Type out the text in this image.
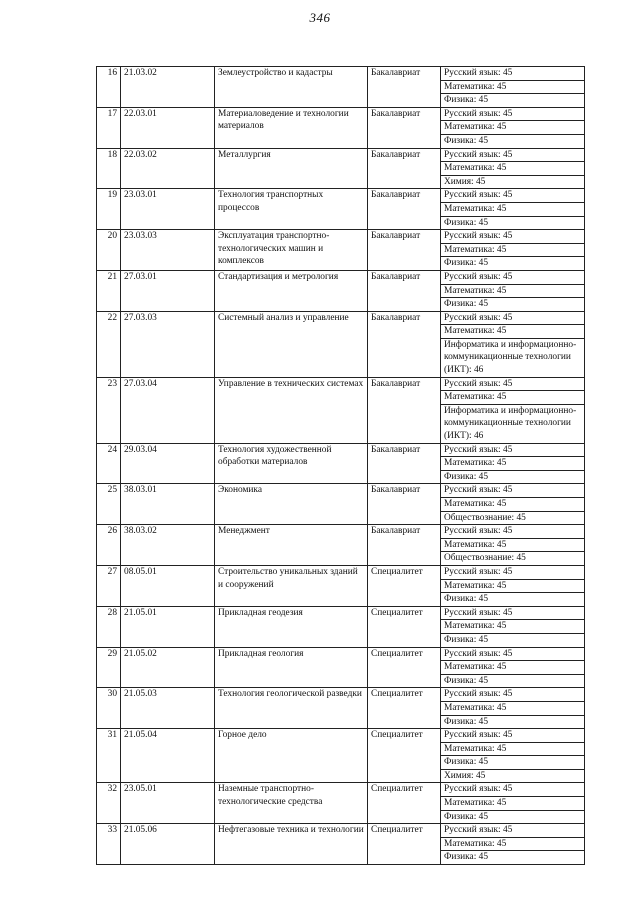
346
16	21.03.02	Землеустройство и кадастры	Бакалавриат	Русский язык: 45
				Математика: 45
				Физика: 45
17	22.03.01	Материаловедение и технологии материалов	Бакалавриат	Русский язык: 45
				Математика: 45
				Физика: 45
18	22.03.02	Металлургия	Бакалавриат	Русский язык: 45
				Математика: 45
				Химия: 45
19	23.03.01	Технология транспортных процессов	Бакалавриат	Русский язык: 45
				Математика: 45
				Физика: 45
20	23.03.03	Эксплуатация транспортно-технологических машин и комплексов	Бакалавриат	Русский язык: 45
				Математика: 45
				Физика: 45
21	27.03.01	Стандартизация и метрология	Бакалавриат	Русский язык: 45
				Математика: 45
				Физика: 45
22	27.03.03	Системный анализ и управление	Бакалавриат	Русский язык: 45
				Математика: 45
				Информатика и информационно-коммуникационные технологии (ИКТ): 46
23	27.03.04	Управление в технических системах	Бакалавриат	Русский язык: 45
				Математика: 45
				Информатика и информационно-коммуникационные технологии (ИКТ): 46
24	29.03.04	Технология художественной обработки материалов	Бакалавриат	Русский язык: 45
				Математика: 45
				Физика: 45
25	38.03.01	Экономика	Бакалавриат	Русский язык: 45
				Математика: 45
				Обществознание: 45
26	38.03.02	Менеджмент	Бакалавриат	Русский язык: 45
				Математика: 45
				Обществознание: 45
27	08.05.01	Строительство уникальных зданий и сооружений	Специалитет	Русский язык: 45
				Математика: 45
				Физика: 45
28	21.05.01	Прикладная геодезия	Специалитет	Русский язык: 45
				Математика: 45
				Физика: 45
29	21.05.02	Прикладная геология	Специалитет	Русский язык: 45
				Математика: 45
				Физика: 45
30	21.05.03	Технология геологической разведки	Специалитет	Русский язык: 45
				Математика: 45
				Физика: 45
31	21.05.04	Горное дело	Специалитет	Русский язык: 45
				Математика: 45
				Физика: 45
				Химия: 45
32	23.05.01	Наземные транспортно-технологические средства	Специалитет	Русский язык: 45
				Математика: 45
				Физика: 45
33	21.05.06	Нефтегазовые техника и технологии	Специалитет	Русский язык: 45
				Математика: 45
				Физика: 45
